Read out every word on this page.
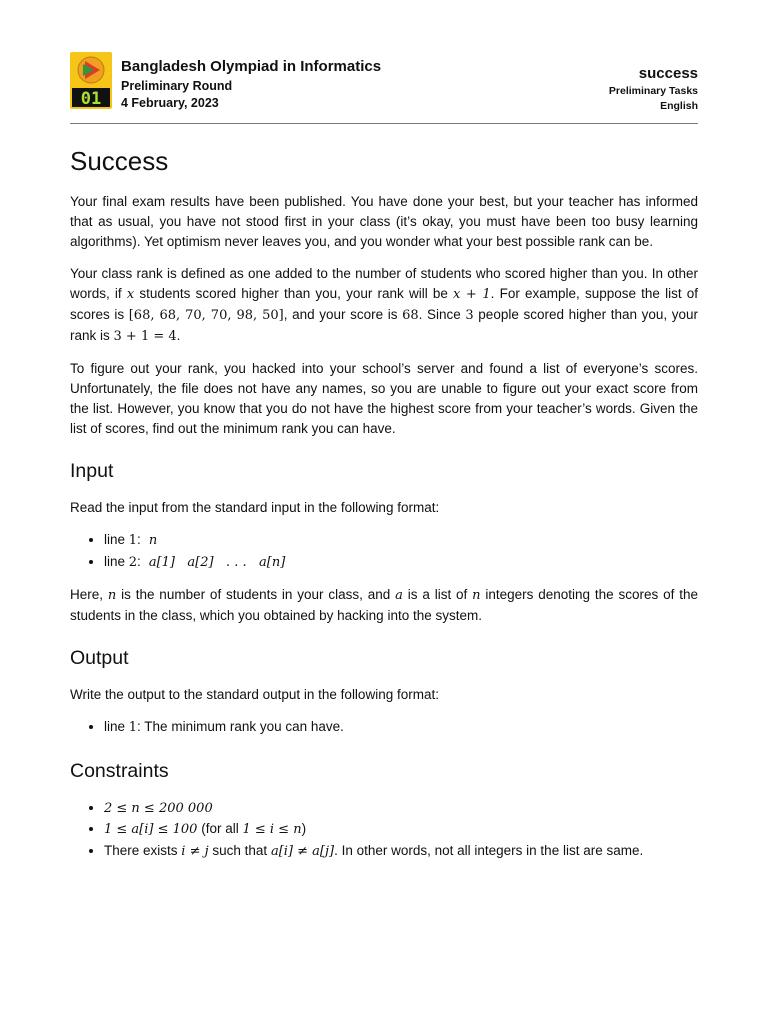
01
Bangladesh Olympiad in Informatics
Preliminary Round
4 February, 2023
success
Preliminary Tasks
English
Success

Your final exam results have been published. You have done your best, but your teacher has informed that as usual, you have not stood first in your class (it’s okay, you must have been too busy learning algorithms). Yet optimism never leaves you, and you wonder what your best possible rank can be.

Your class rank is defined as one added to the number of students who scored higher than you. In other words, if x students scored higher than you, your rank will be x + 1. For example, suppose the list of scores is [68, 68, 70, 70, 98, 50], and your score is 68. Since 3 people scored higher than you, your rank is 3 + 1 = 4.

To figure out your rank, you hacked into your school’s server and found a list of everyone’s scores. Unfortunately, the file does not have any names, so you are unable to figure out your exact score from the list. However, you know that you do not have the highest score from your teacher’s words. Given the list of scores, find out the minimum rank you can have.

Input

Read the input from the standard input in the following format:

• line 1: n
• line 2: a[1]   a[2]   . . .   a[n]

Here, n is the number of students in your class, and a is a list of n integers denoting the scores of the students in the class, which you obtained by hacking into the system.

Output

Write the output to the standard output in the following format:

• line 1: The minimum rank you can have.
Constraints
• 2 ≤ n ≤ 200 000
• 1 ≤ a[i] ≤ 100 (for all 1 ≤ i ≤ n)
• There exists i ≠ j such that a[i] ≠ a[j]. In other words, not all integers in the list are same.
